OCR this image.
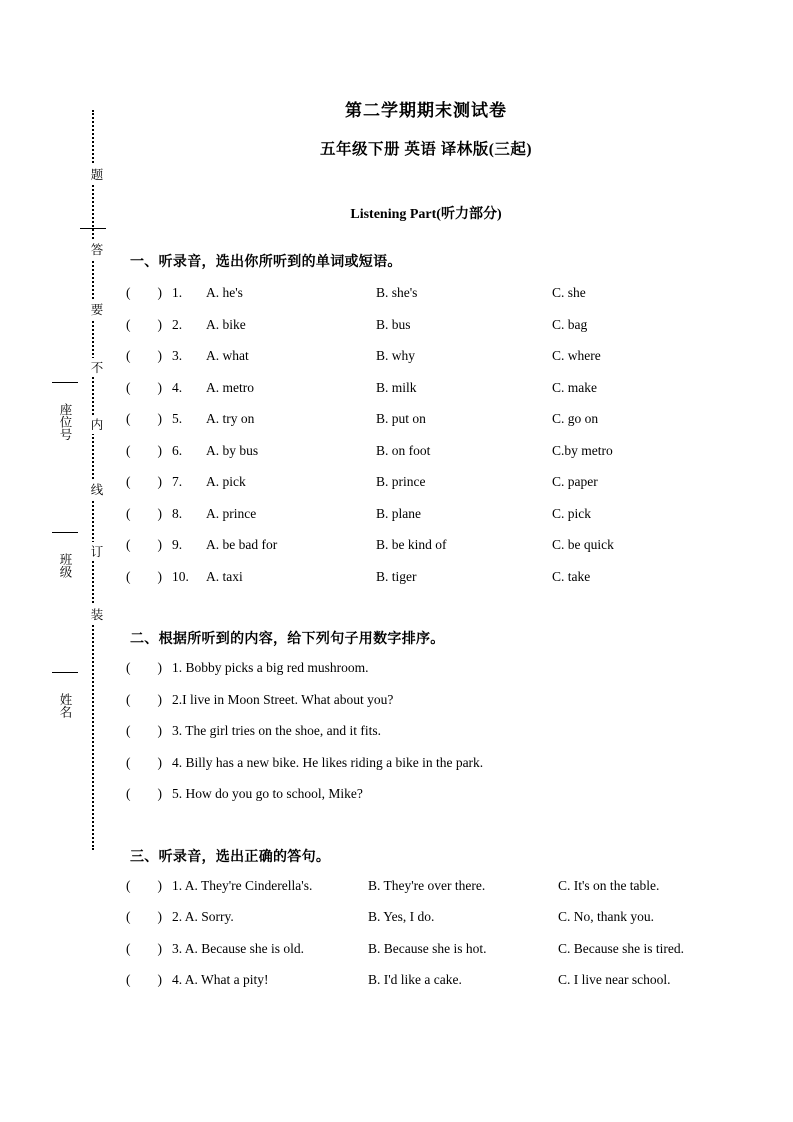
题
答
要
不
内
线
订
装
座位号
班级
姓名
第二学期期末测试卷
五年级下册 英语 译林版(三起)
Listening Part(听力部分)
一、听录音，选出你所听到的单词或短语。
(        ) 1.	A. he's	B. she's	C. she
(        ) 2.	A. bike	B. bus	C. bag
(        ) 3.	A. what	B. why	C. where
(        ) 4.	A. metro	B. milk	C. make
(        ) 5.	A. try on	B. put on	C. go on
(        ) 6.	A. by bus	B. on foot	C.by metro
(        ) 7.	A. pick	B. prince	C. paper
(        ) 8.	A. prince	B. plane	C. pick
(        ) 9.	A. be bad for	B. be kind of	C. be quick
(        ) 10.	A. taxi	B. tiger	C. take
二、根据所听到的内容，给下列句子用数字排序。
(        ) 1. Bobby picks a big red mushroom.
(        ) 2.I live in Moon Street. What about you?
(        ) 3. The girl tries on the shoe, and it fits.
(        ) 4. Billy has a new bike. He likes riding a bike in the park.
(        ) 5. How do you go to school, Mike?
三、听录音，选出正确的答句。
(        ) 1. A. They're Cinderella's.	B. They're over there.	C. It's on the table.
(        ) 2. A. Sorry.	B. Yes, I do.	C. No, thank you.
(        ) 3. A. Because she is old.	B. Because she is hot.	C. Because she is tired.
(        ) 4. A. What a pity!	B. I'd like a cake.	C. I live near school.
